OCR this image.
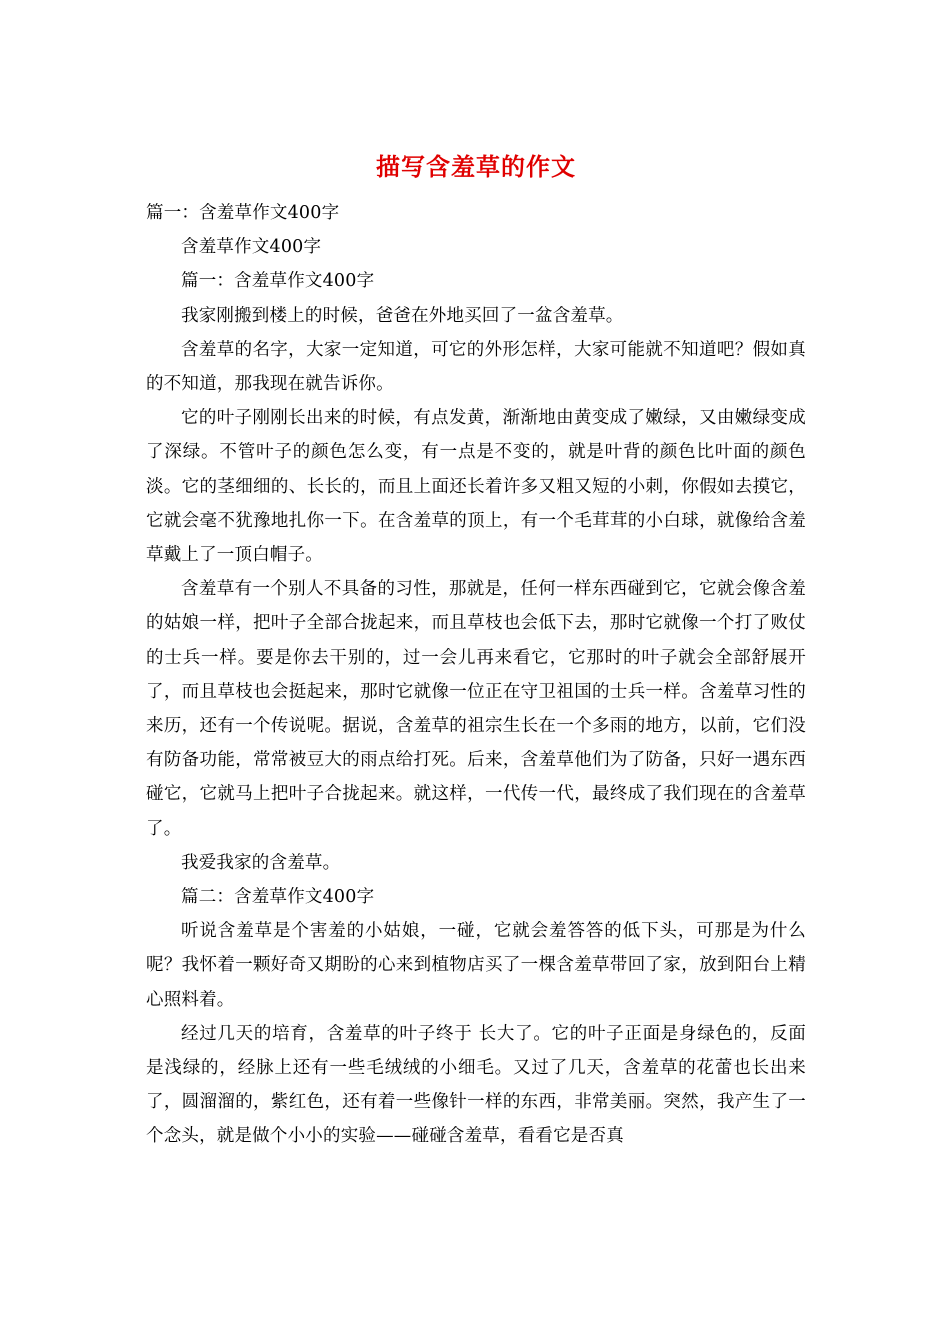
描写含羞草的作文

篇一：含羞草作文400字

含羞草作文400字

篇一：含羞草作文400字

我家刚搬到楼上的时候，爸爸在外地买回了一盆含羞草。

含羞草的名字，大家一定知道，可它的外形怎样，大家可能就不知道吧？假如真的不知道，那我现在就告诉你。

它的叶子刚刚长出来的时候，有点发黄，渐渐地由黄变成了嫩绿，又由嫩绿变成了深绿。不管叶子的颜色怎么变，有一点是不变的，就是叶背的颜色比叶面的颜色淡。它的茎细细的、长长的，而且上面还长着许多又粗又短的小刺，你假如去摸它，它就会毫不犹豫地扎你一下。在含羞草的顶上，有一个毛茸茸的小白球，就像给含羞草戴上了一顶白帽子。

含羞草有一个别人不具备的习性，那就是，任何一样东西碰到它，它就会像含羞的姑娘一样，把叶子全部合拢起来，而且草枝也会低下去，那时它就像一个打了败仗的士兵一样。要是你去干别的，过一会儿再来看它，它那时的叶子就会全部舒展开了，而且草枝也会挺起来，那时它就像一位正在守卫祖国的士兵一样。含羞草习性的来历，还有一个传说呢。据说，含羞草的祖宗生长在一个多雨的地方，以前，它们没有防备功能，常常被豆大的雨点给打死。后来，含羞草他们为了防备，只好一遇东西碰它，它就马上把叶子合拢起来。就这样，一代传一代，最终成了我们现在的含羞草了。

我爱我家的含羞草。

篇二：含羞草作文400字

听说含羞草是个害羞的小姑娘，一碰，它就会羞答答的低下头，可那是为什么呢？我怀着一颗好奇又期盼的心来到植物店买了一棵含羞草带回了家，放到阳台上精心照料着。

经过几天的培育，含羞草的叶子终于 长大了。它的叶子正面是身绿色的，反面是浅绿的，经脉上还有一些毛绒绒的小细毛。又过了几天，含羞草的花蕾也长出来了，圆溜溜的，紫红色，还有着一些像针一样的东西，非常美丽。突然，我产生了一个念头，就是做个小小的实验——碰碰含羞草，看看它是否真
